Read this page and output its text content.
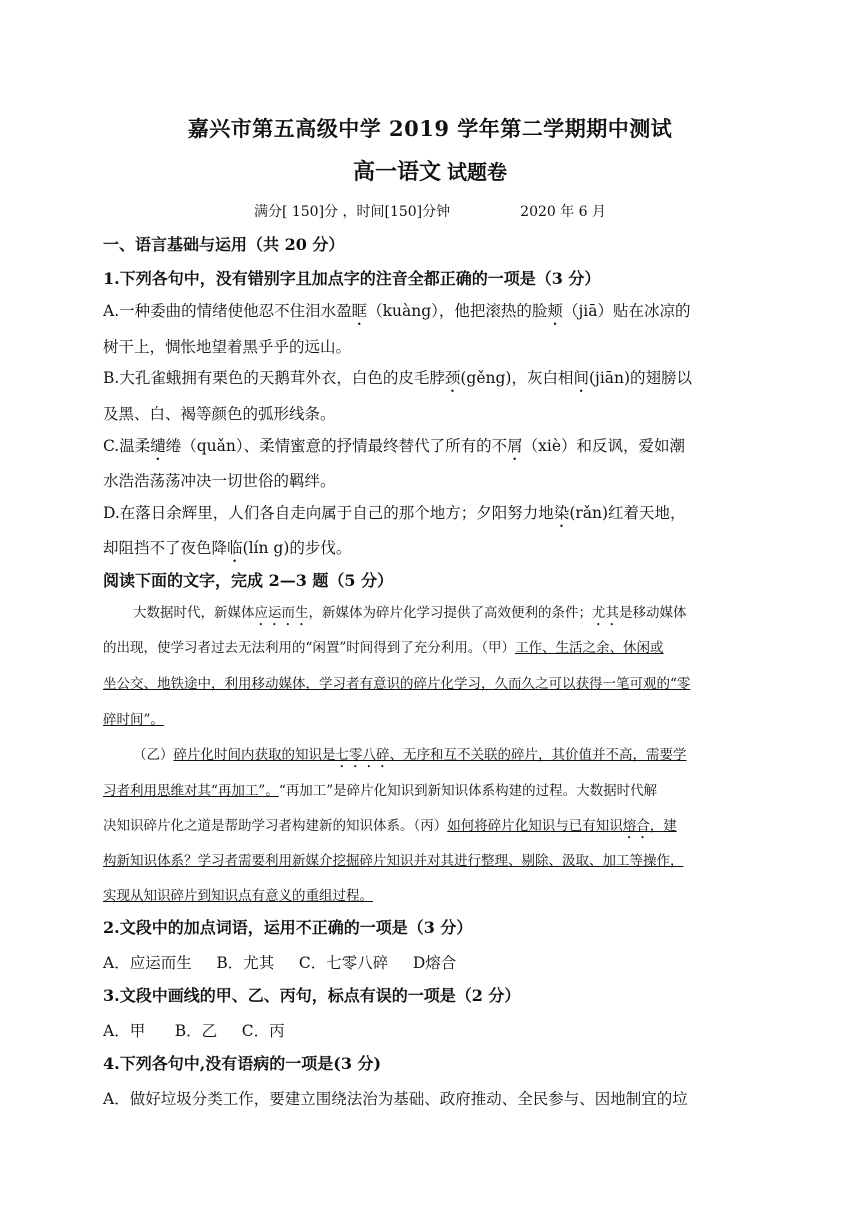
嘉兴市第五高级中学 2019 学年第二学期期中测试
高一语文 试题卷
满分[ 150]分 ，时间[150]分钟	2020 年 6 月
一、语言基础与运用（共 20 分）
1.下列各句中，没有错别字且加点字的注音全都正确的一项是（3 分）
A.一种委曲的情绪使他忍不住泪水盈眶（kuàng），他把滚热的脸颊（jiā）贴在冰凉的
树干上，惆怅地望着黑乎乎的远山。
B.大孔雀蛾拥有栗色的天鹅茸外衣，白色的皮毛脖颈(gěng)，灰白相间(jiān)的翅膀以
及黑、白、褐等颜色的弧形线条。
C.温柔缱绻（quǎn）、柔情蜜意的抒情最终替代了所有的不屑（xiè）和反讽，爱如潮
水浩浩荡荡冲决一切世俗的羁绊。
D.在落日余辉里，人们各自走向属于自己的那个地方；夕阳努力地染(rǎn)红着天地，
却阻挡不了夜色降临(lín g)的步伐。
阅读下面的文字，完成 2—3 题（5 分）
大数据时代，新媒体应运而生，新媒体为碎片化学习提供了高效便利的条件；尤其是移动媒体
的出现，使学习者过去无法利用的“闲置”时间得到了充分利用。（甲）工作、生活之余、休闲或
坐公交、地铁途中，利用移动媒体，学习者有意识的碎片化学习，久而久之可以获得一笔可观的“零
碎时间”。
（乙）碎片化时间内获取的知识是七零八碎、无序和互不关联的碎片，其价值并不高，需要学
习者利用思维对其“再加工”。“再加工”是碎片化知识到新知识体系构建的过程。大数据时代解
决知识碎片化之道是帮助学习者构建新的知识体系。（丙）如何将碎片化知识与已有知识熔合，建
构新知识体系？学习者需要利用新媒介挖掘碎片知识并对其进行整理、剔除、汲取、加工等操作，
实现从知识碎片到知识点有意义的重组过程。
2.文段中的加点词语，运用不正确的一项是（3 分）
A．应运而生     B．尤其     C．七零八碎     D熔合
3.文段中画线的甲、乙、丙句，标点有误的一项是（2 分）
A．甲      B．乙     C．丙
4.下列各句中,没有语病的一项是(3 分)
A．做好垃圾分类工作，要建立围绕法治为基础、政府推动、全民参与、因地制宜的垃
